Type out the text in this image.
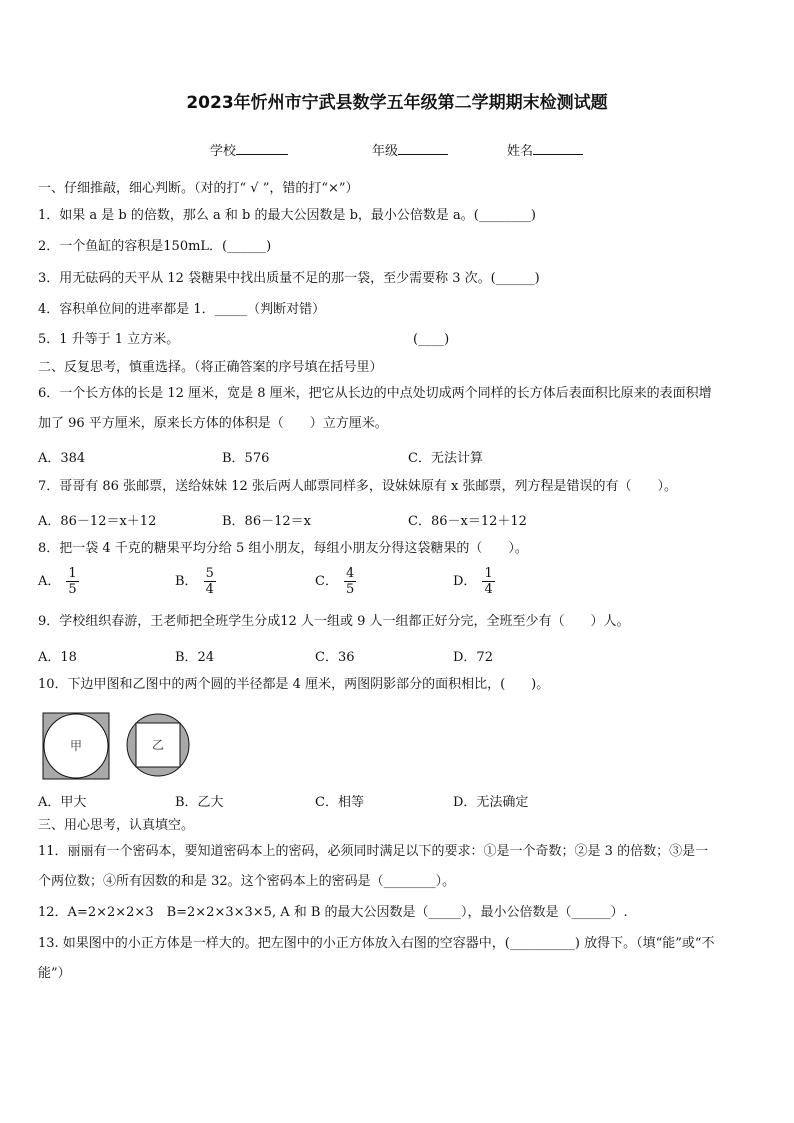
2023年忻州市宁武县数学五年级第二学期期末检测试题
学校	年级	姓名
一、仔细推敲，细心判断。（对的打“ √ ”，错的打“×”）
1．如果 a 是 b 的倍数，那么 a 和 b 的最大公因数是 b，最小公倍数是 a。(________)
2．一个鱼缸的容积是150mL．(______)
3．用无砝码的天平从 12 袋糖果中找出质量不足的那一袋，至少需要称 3 次。(______)
4．容积单位间的进率都是 1．_____（判断对错）
5．1 升等于 1 立方米。	(____)
二、反复思考，慎重选择。（将正确答案的序号填在括号里）
6．一个长方体的长是 12 厘米，宽是 8 厘米，把它从长边的中点处切成两个同样的长方体后表面积比原来的表面积增
加了 96 平方厘米，原来长方体的体积是（　　）立方厘米。
A．384	B．576	C．无法计算
7．哥哥有 86 张邮票，送给妹妹 12 张后两人邮票同样多，设妹妹原有 x 张邮票，列方程是错误的有（　　）。
A．86－12＝x＋12	B．86－12＝x	C．86－x＝12＋12
8．把一袋 4 千克的糖果平均分给 5 组小朋友，每组小朋友分得这袋糖果的（　　）。
A． $\frac{1}{5}$	B． $\frac{5}{4}$	C． $\frac{4}{5}$	D． $\frac{1}{4}$
9．学校组织春游，王老师把全班学生分成12 人一组或 9 人一组都正好分完，全班至少有（　　）人。
A．18	B．24	C．36	D．72
10．下边甲图和乙图中的两个圆的半径都是 4 厘米，两图阴影部分的面积相比，(　　)。
甲	乙
A．甲大	B．乙大	C．相等	D．无法确定
三、用心思考，认真填空。
11．丽丽有一个密码本，要知道密码本上的密码，必须同时满足以下的要求：①是一个奇数；②是 3 的倍数；③是一
个两位数；④所有因数的和是 32。这个密码本上的密码是（________）。
12．A=2×2×2×3　B=2×2×3×3×5, A 和 B 的最大公因数是（_____），最小公倍数是（______）.
13. 如果图中的小正方体是一样大的。把左图中的小正方体放入右图的空容器中，(__________) 放得下。（填“能”或“不
能”）
